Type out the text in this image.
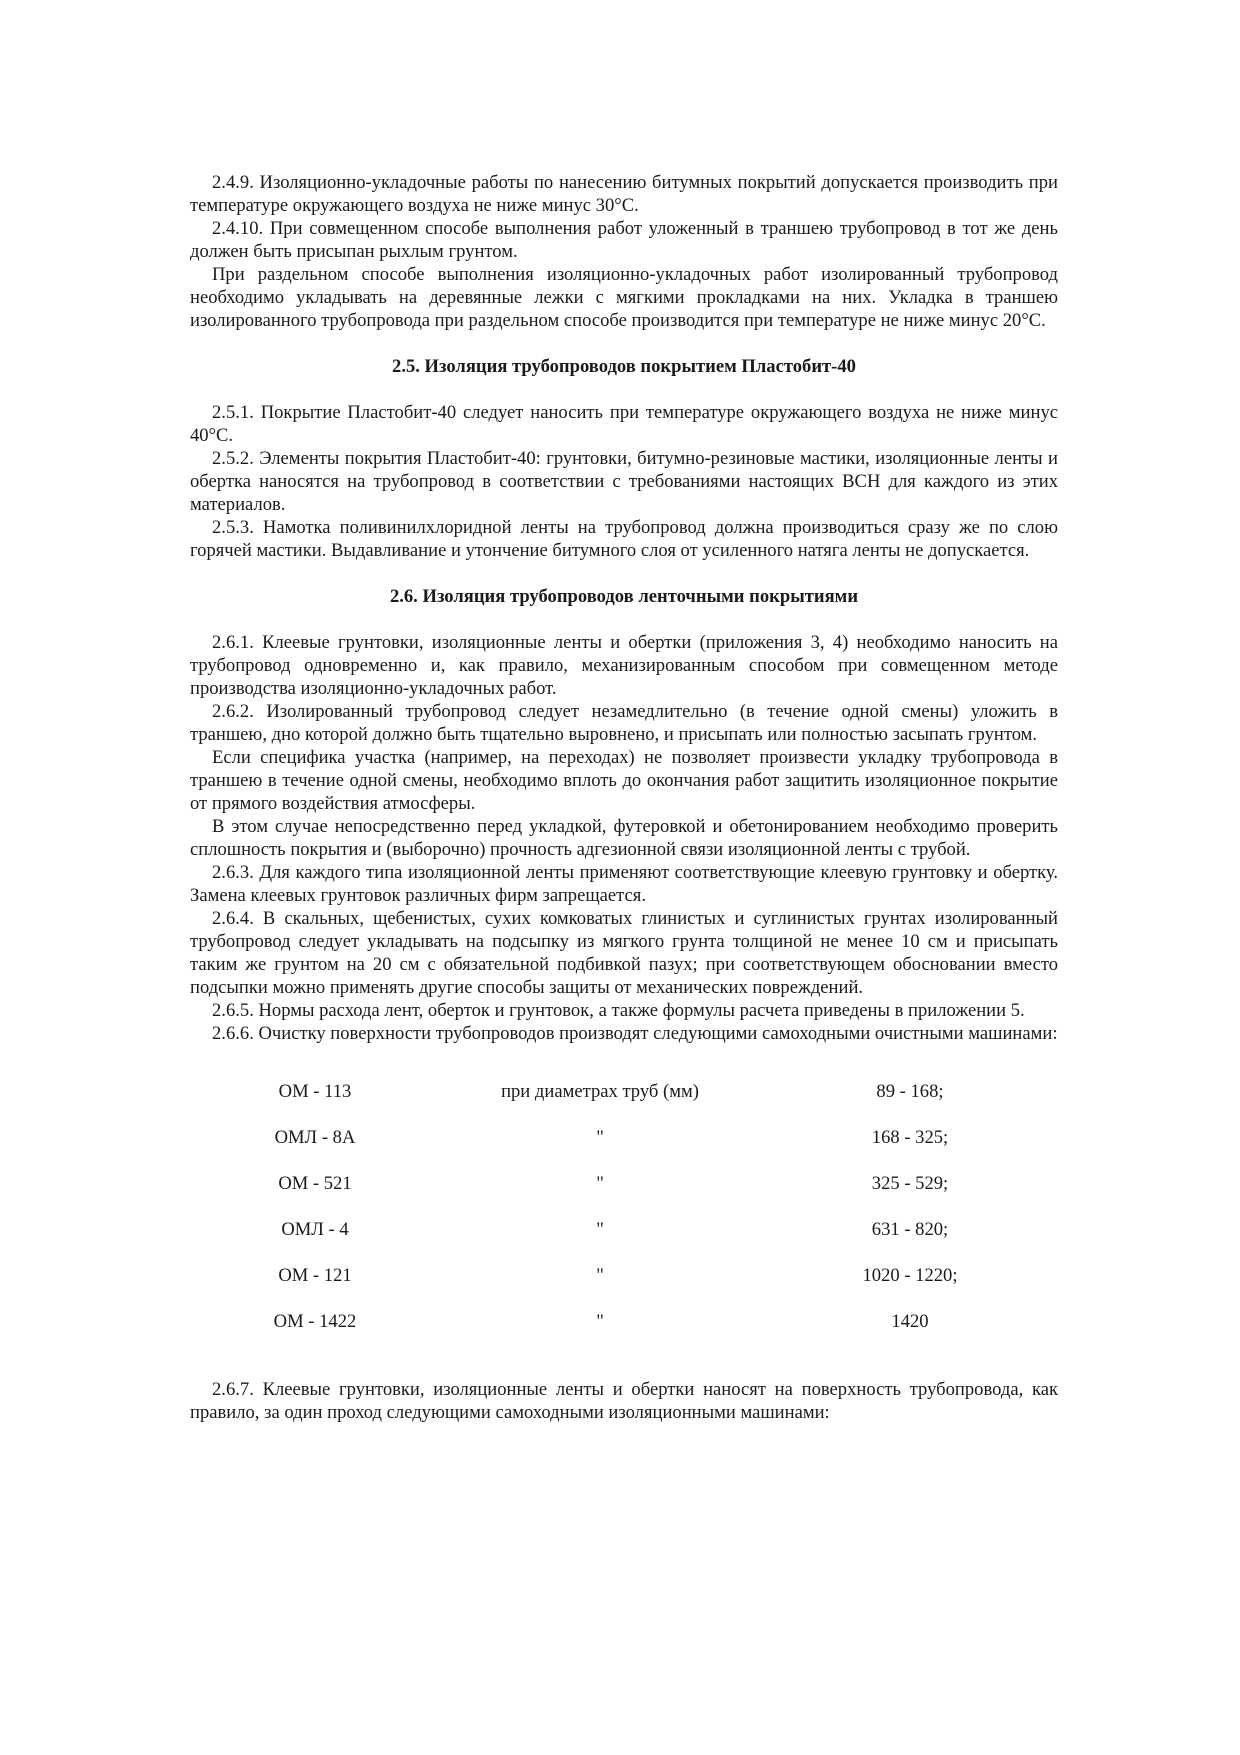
2.4.9. Изоляционно-укладочные работы по нанесению битумных покрытий допускается производить при температуре окружающего воздуха не ниже минус 30°С.

2.4.10. При совмещенном способе выполнения работ уложенный в траншею трубопровод в тот же день должен быть присыпан рыхлым грунтом.

При раздельном способе выполнения изоляционно-укладочных работ изолированный трубопровод необходимо укладывать на деревянные лежки с мягкими прокладками на них. Укладка в траншею изолированного трубопровода при раздельном способе производится при температуре не ниже минус 20°С.

2.5. Изоляция трубопроводов покрытием Пластобит-40

2.5.1. Покрытие Пластобит-40 следует наносить при температуре окружающего воздуха не ниже минус 40°С.

2.5.2. Элементы покрытия Пластобит-40: грунтовки, битумно-резиновые мастики, изоляционные ленты и обертка наносятся на трубопровод в соответствии с требованиями настоящих ВСН для каждого из этих материалов.

2.5.3. Намотка поливинилхлоридной ленты на трубопровод должна производиться сразу же по слою горячей мастики. Выдавливание и утончение битумного слоя от усиленного натяга ленты не допускается.

2.6. Изоляция трубопроводов ленточными покрытиями

2.6.1. Клеевые грунтовки, изоляционные ленты и обертки (приложения 3, 4) необходимо наносить на трубопровод одновременно и, как правило, механизированным способом при совмещенном методе производства изоляционно-укладочных работ.

2.6.2. Изолированный трубопровод следует незамедлительно (в течение одной смены) уложить в траншею, дно которой должно быть тщательно выровнено, и присыпать или полностью засыпать грунтом.

Если специфика участка (например, на переходах) не позволяет произвести укладку трубопровода в траншею в течение одной смены, необходимо вплоть до окончания работ защитить изоляционное покрытие от прямого воздействия атмосферы.

В этом случае непосредственно перед укладкой, футеровкой и обетонированием необходимо проверить сплошность покрытия и (выборочно) прочность адгезионной связи изоляционной ленты с трубой.

2.6.3. Для каждого типа изоляционной ленты применяют соответствующие клеевую грунтовку и обертку. Замена клеевых грунтовок различных фирм запрещается.

2.6.4. В скальных, щебенистых, сухих комковатых глинистых и суглинистых грунтах изолированный трубопровод следует укладывать на подсыпку из мягкого грунта толщиной не менее 10 см и присыпать таким же грунтом на 20 см с обязательной подбивкой пазух; при соответствующем обосновании вместо подсыпки можно применять другие способы защиты от механических повреждений.

2.6.5. Нормы расхода лент, оберток и грунтовок, а также формулы расчета приведены в приложении 5.

2.6.6. Очистку поверхности трубопроводов производят следующими самоходными очистными машинами:

ОМ - 113	при диаметрах труб (мм)	89 - 168;
ОМЛ - 8А	"	168 - 325;
ОМ - 521	"	325 - 529;
ОМЛ - 4	"	631 - 820;
ОМ - 121	"	1020 - 1220;
ОМ - 1422	"	1420

2.6.7. Клеевые грунтовки, изоляционные ленты и обертки наносят на поверхность трубопровода, как правило, за один проход следующими самоходными изоляционными машинами:
